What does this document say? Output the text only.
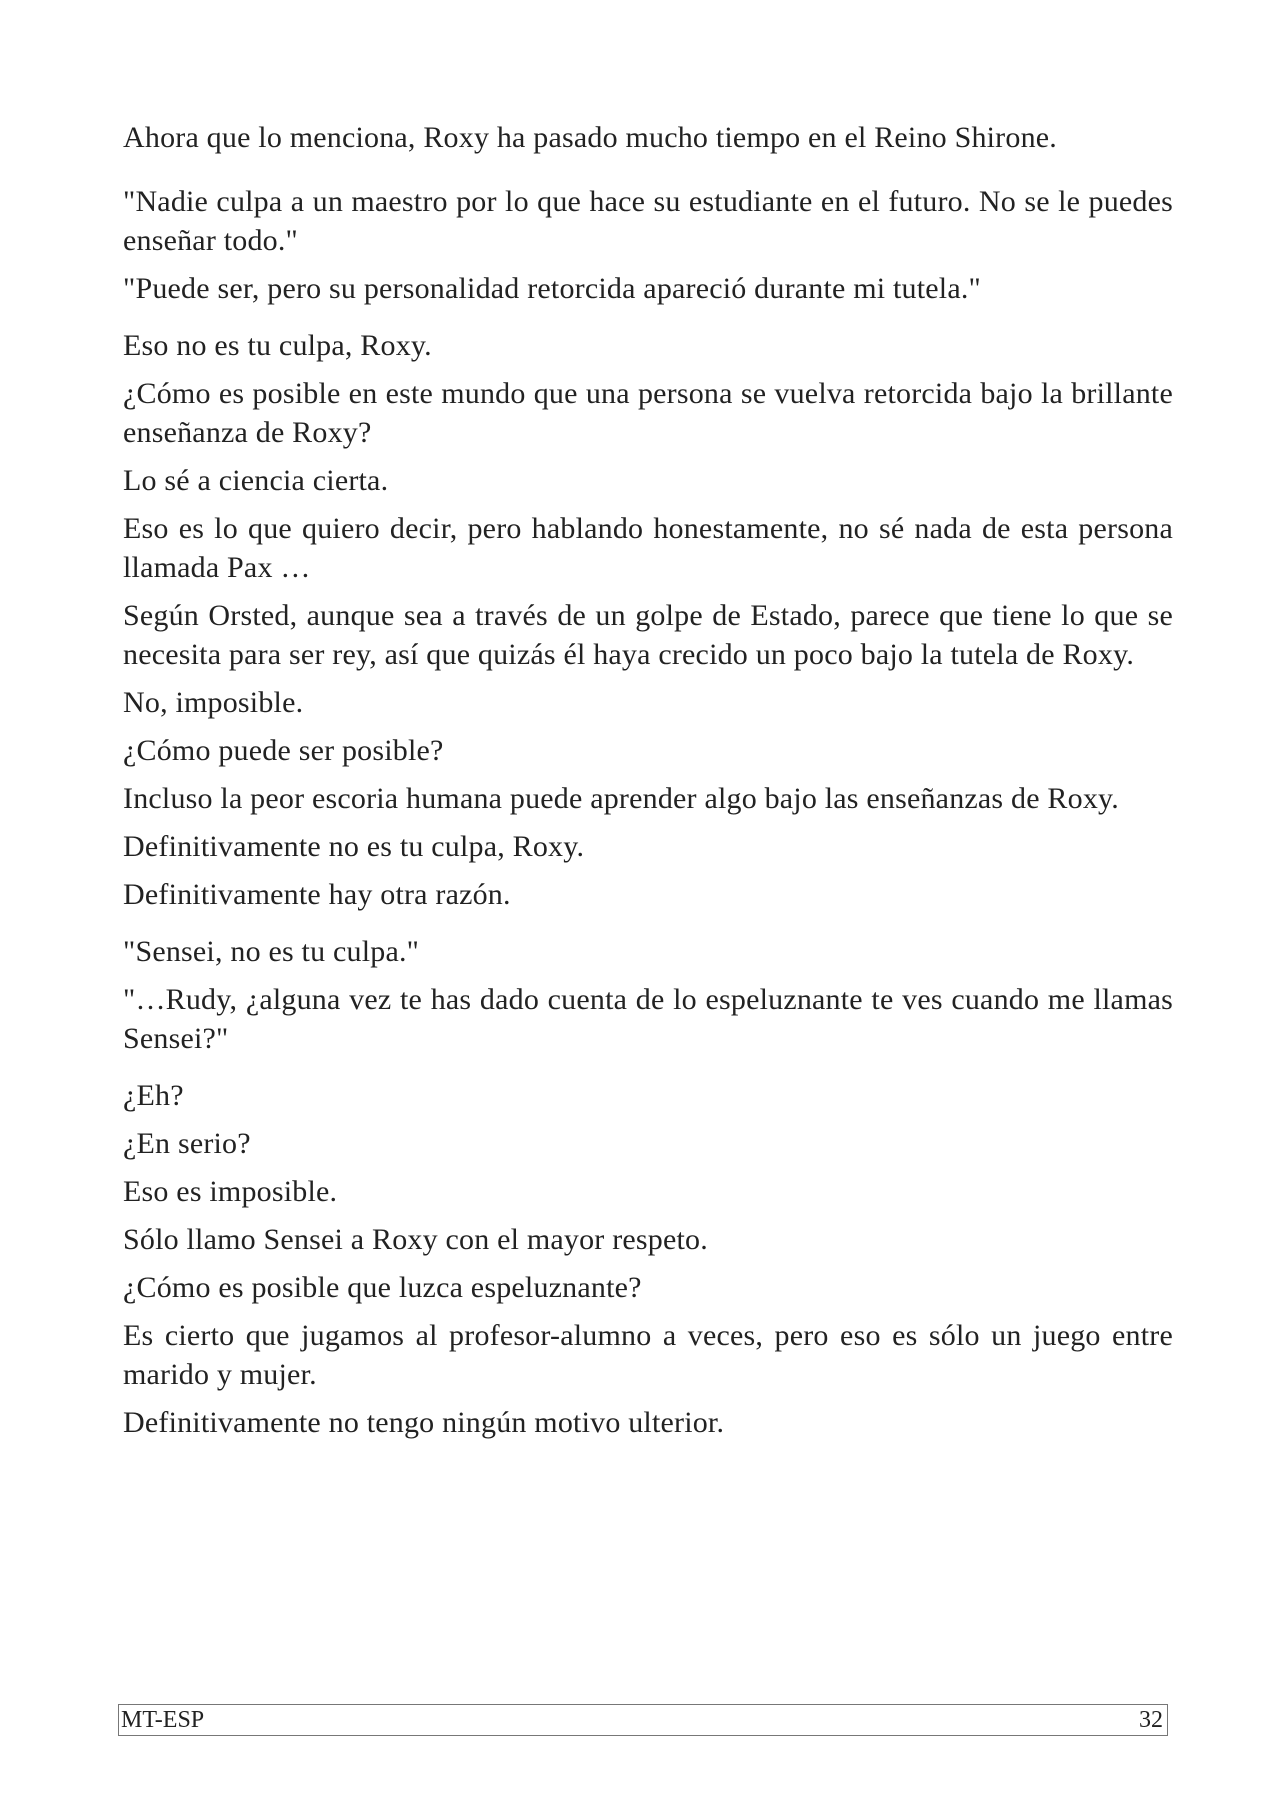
Ahora que lo menciona, Roxy ha pasado mucho tiempo en el Reino Shirone.

"Nadie culpa a un maestro por lo que hace su estudiante en el futuro. No se le puedes enseñar todo."

"Puede ser, pero su personalidad retorcida apareció durante mi tutela."

Eso no es tu culpa, Roxy.

¿Cómo es posible en este mundo que una persona se vuelva retorcida bajo la brillante enseñanza de Roxy?

Lo sé a ciencia cierta.

Eso es lo que quiero decir, pero hablando honestamente, no sé nada de esta persona llamada Pax …

Según Orsted, aunque sea a través de un golpe de Estado, parece que tiene lo que se necesita para ser rey, así que quizás él haya crecido un poco bajo la tutela de Roxy.

No, imposible.

¿Cómo puede ser posible?

Incluso la peor escoria humana puede aprender algo bajo las enseñanzas de Roxy.

Definitivamente no es tu culpa, Roxy.

Definitivamente hay otra razón.

"Sensei, no es tu culpa."

"…Rudy, ¿alguna vez te has dado cuenta de lo espeluznante te ves cuando me llamas Sensei?"

¿Eh?

¿En serio?

Eso es imposible.

Sólo llamo Sensei a Roxy con el mayor respeto.

¿Cómo es posible que luzca espeluznante?

Es cierto que jugamos al profesor-alumno a veces, pero eso es sólo un juego entre marido y mujer.

Definitivamente no tengo ningún motivo ulterior.

MT-ESP	32
